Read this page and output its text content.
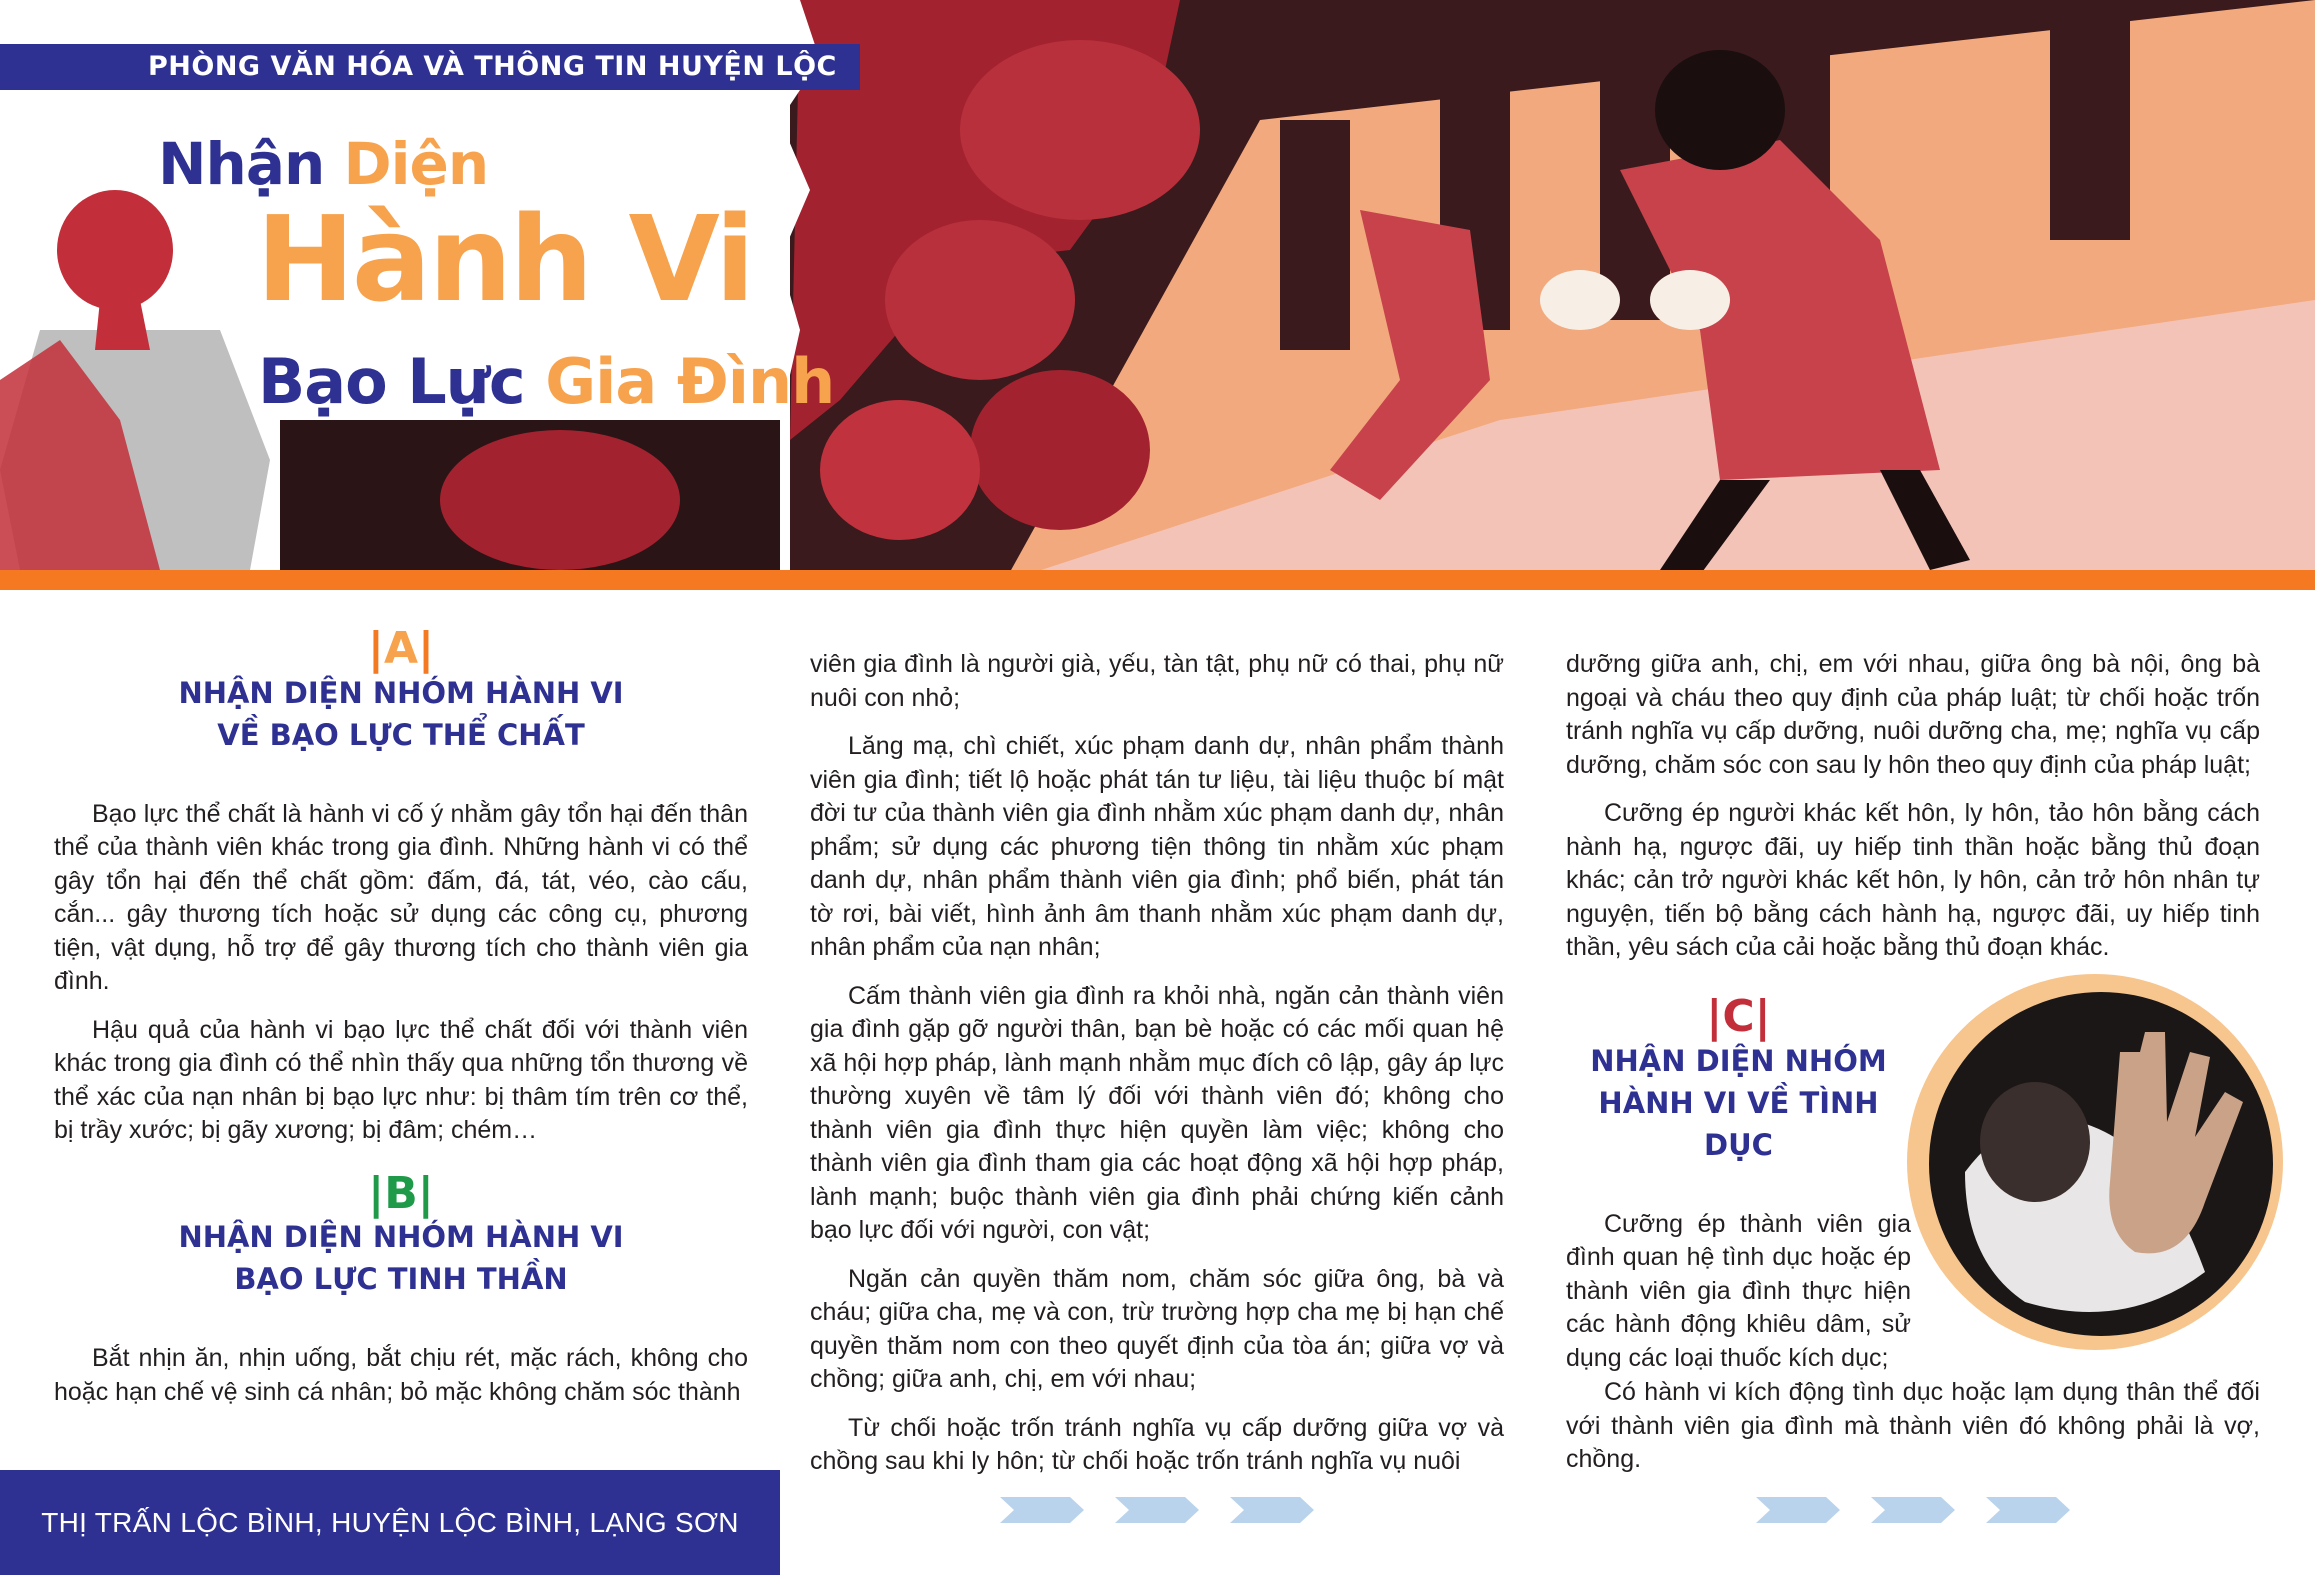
PHÒNG VĂN HÓA VÀ THÔNG TIN HUYỆN LỘC BÌNH
Nhận Diện
Hành Vi
Bạo Lực Gia Đình
|A|
NHẬN DIỆN NHÓM HÀNH VI
VỀ BẠO LỰC THỂ CHẤT

Bạo lực thể chất là hành vi cố ý nhằm gây tổn hại đến thân thể của thành viên khác trong gia đình. Những hành vi có thể gây tổn hại đến thể chất gồm: đấm, đá, tát, véo, cào cấu, cắn... gây thương tích hoặc sử dụng các công cụ, phương tiện, vật dụng, hỗ trợ để gây thương tích cho thành viên gia đình.

Hậu quả của hành vi bạo lực thể chất đối với thành viên khác trong gia đình có thể nhìn thấy qua những tổn thương về thể xác của nạn nhân bị bạo lực như: bị thâm tím trên cơ thể, bị trầy xước; bị gãy xương; bị đâm; chém…

|B|
NHẬN DIỆN NHÓM HÀNH VI
BẠO LỰC TINH THẦN

Bắt nhịn ăn, nhịn uống, bắt chịu rét, mặc rách, không cho hoặc hạn chế vệ sinh cá nhân; bỏ mặc không chăm sóc thành

THỊ TRẤN LỘC BÌNH, HUYỆN LỘC BÌNH, LẠNG SƠN

viên gia đình là người già, yếu, tàn tật, phụ nữ có thai, phụ nữ nuôi con nhỏ;

Lăng mạ, chì chiết, xúc phạm danh dự, nhân phẩm thành viên gia đình; tiết lộ hoặc phát tán tư liệu, tài liệu thuộc bí mật đời tư của thành viên gia đình nhằm xúc phạm danh dự, nhân phẩm; sử dụng các phương tiện thông tin nhằm xúc phạm danh dự, nhân phẩm thành viên gia đình; phổ biến, phát tán tờ rơi, bài viết, hình ảnh âm thanh nhằm xúc phạm danh dự, nhân phẩm của nạn nhân;

Cấm thành viên gia đình ra khỏi nhà, ngăn cản thành viên gia đình gặp gỡ người thân, bạn bè hoặc có các mối quan hệ xã hội hợp pháp, lành mạnh nhằm mục đích cô lập, gây áp lực thường xuyên về tâm lý đối với thành viên đó; không cho thành viên gia đình thực hiện quyền làm việc; không cho thành viên gia đình tham gia các hoạt động xã hội hợp pháp, lành mạnh; buộc thành viên gia đình phải chứng kiến cảnh bạo lực đối với người, con vật;

Ngăn cản quyền thăm nom, chăm sóc giữa ông, bà và cháu; giữa cha, mẹ và con, trừ trường hợp cha mẹ bị hạn chế quyền thăm nom con theo quyết định của tòa án; giữa vợ và chồng; giữa anh, chị, em với nhau;

Từ chối hoặc trốn tránh nghĩa vụ cấp dưỡng giữa vợ và chồng sau khi ly hôn; từ chối hoặc trốn tránh nghĩa vụ nuôi

dưỡng giữa anh, chị, em với nhau, giữa ông bà nội, ông bà ngoại và cháu theo quy định của pháp luật; từ chối hoặc trốn tránh nghĩa vụ cấp dưỡng, nuôi dưỡng cha, mẹ; nghĩa vụ cấp dưỡng, chăm sóc con sau ly hôn theo quy định của pháp luật;

Cưỡng ép người khác kết hôn, ly hôn, tảo hôn bằng cách hành hạ, ngược đãi, uy hiếp tinh thần hoặc bằng thủ đoạn khác; cản trở người khác kết hôn, ly hôn, cản trở hôn nhân tự nguyện, tiến bộ bằng cách hành hạ, ngược đãi, uy hiếp tinh thần, yêu sách của cải hoặc bằng thủ đoạn khác.

|C|
NHẬN DIỆN NHÓM
HÀNH VI VỀ TÌNH DỤC

Cưỡng ép thành viên gia đình quan hệ tình dục hoặc ép thành viên gia đình thực hiện các hành động khiêu dâm, sử dụng các loại thuốc kích dục;

Có hành vi kích động tình dục hoặc lạm dụng thân thể đối với thành viên gia đình mà thành viên đó không phải là vợ, chồng.
